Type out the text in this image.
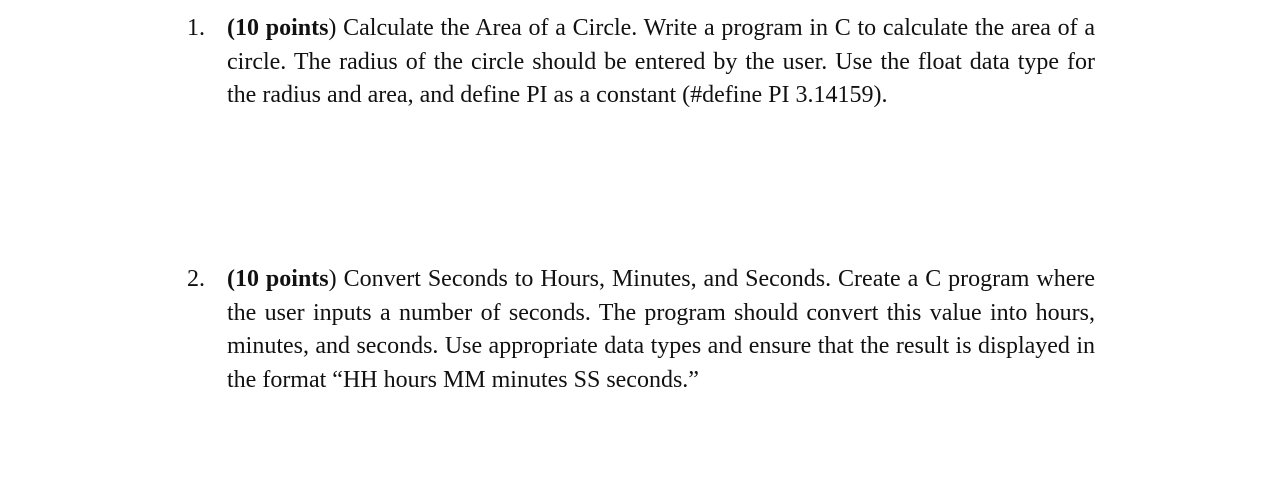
1. (10 points) Calculate the Area of a Circle. Write a program in C to calculate the area of a circle. The radius of the circle should be entered by the user. Use the float data type for the radius and area, and define PI as a constant (#define PI 3.14159).
2. (10 points) Convert Seconds to Hours, Minutes, and Seconds. Create a C program where the user inputs a number of seconds. The program should convert this value into hours, minutes, and seconds. Use appropriate data types and ensure that the result is displayed in the format “HH hours MM minutes SS seconds.”
